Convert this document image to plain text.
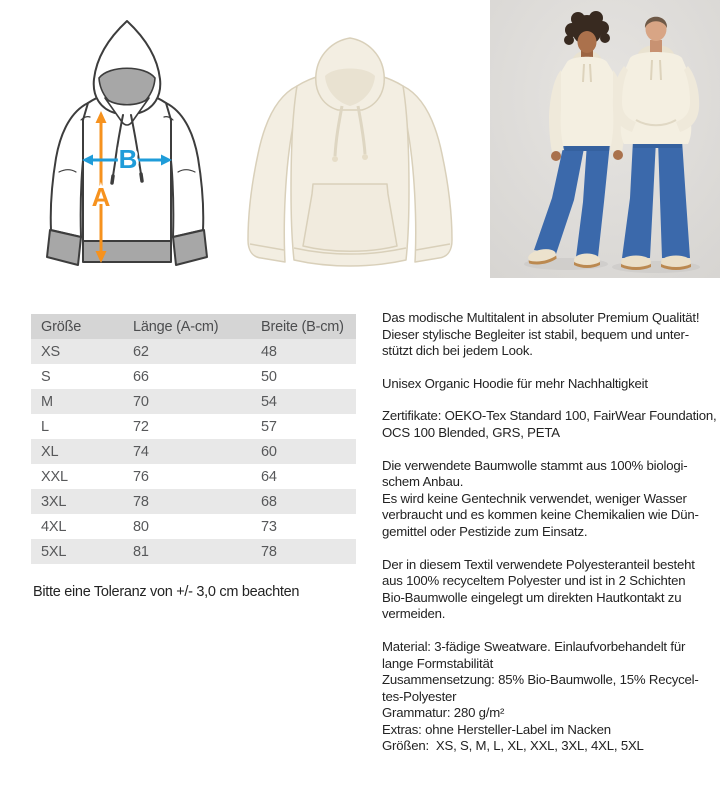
A
B
Größe	Länge (A-cm)	Breite (B-cm)
XS	62	48
S	66	50
M	70	54
L	72	57
XL	74	60
XXL	76	64
3XL	78	68
4XL	80	73
5XL	81	78
Bitte eine Toleranz von +/- 3,0 cm beachten
Das modische Multitalent in absoluter Premium Qualität!
Dieser stylische Begleiter ist stabil, bequem und unter-
stützt dich bei jedem Look.
Unisex Organic Hoodie für mehr Nachhaltigkeit
Zertifikate: OEKO-Tex Standard 100, FairWear Foundation,
OCS 100 Blended, GRS, PETA
Die verwendete Baumwolle stammt aus 100% biologi-
schem Anbau.
Es wird keine Gentechnik verwendet, weniger Wasser
verbraucht und es kommen keine Chemikalien wie Dün-
gemittel oder Pestizide zum Einsatz.
Der in diesem Textil verwendete Polyesteranteil besteht
aus 100% recyceltem Polyester und ist in 2 Schichten
Bio-Baumwolle eingelegt um direkten Hautkontakt zu
vermeiden.
Material: 3-fädige Sweatware. Einlaufvorbehandelt für
lange Formstabilität
Zusammensetzung: 85% Bio-Baumwolle, 15% Recycel-
tes-Polyester
Grammatur: 280 g/m²
Extras: ohne Hersteller-Label im Nacken
Größen:  XS, S, M, L, XL, XXL, 3XL, 4XL, 5XL
